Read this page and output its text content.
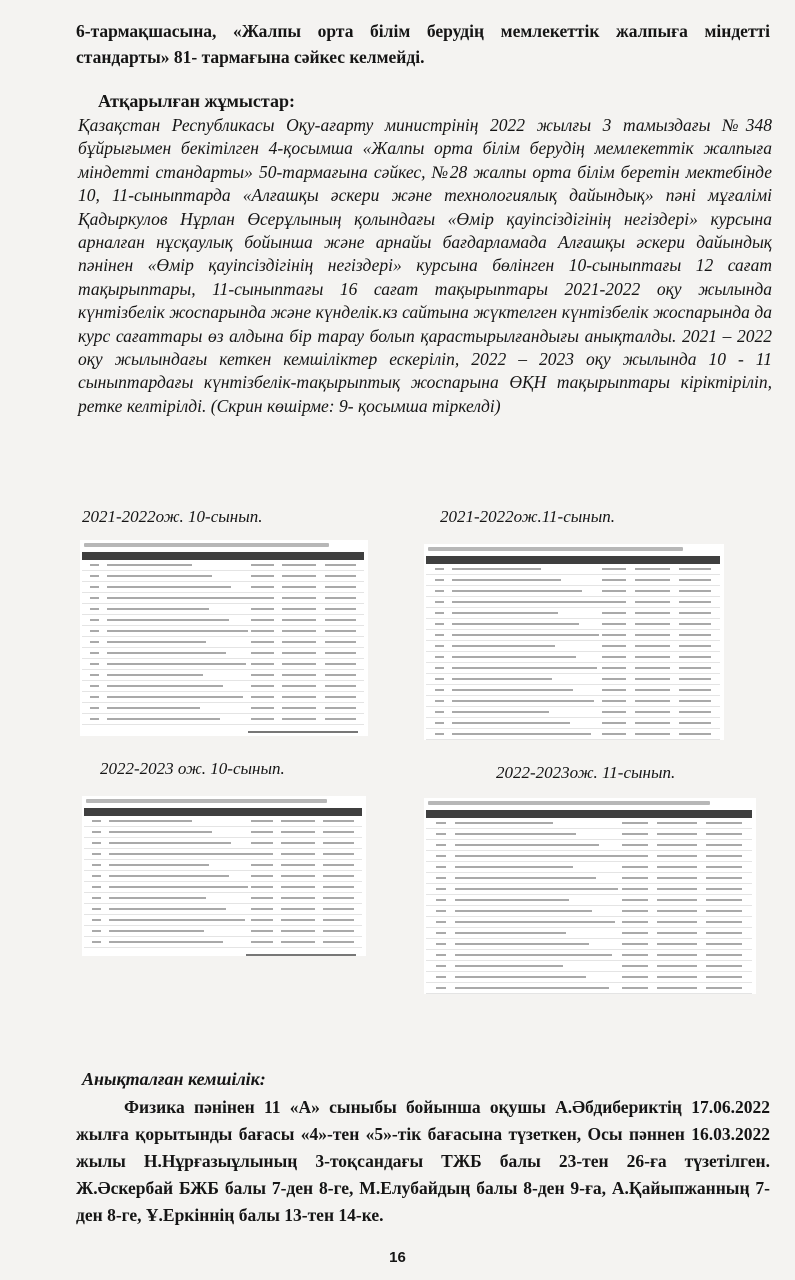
6-тармақшасына, «Жалпы орта білім берудің мемлекеттік жалпыға міндетті стандарты» 81- тармағына сәйкес келмейді.
Атқарылған жұмыстар:
Қазақстан Республикасы Оқу-ағарту министрінің 2022 жылғы 3 тамыздағы №348 бұйрығымен бекітілген 4-қосымша «Жалпы орта білім берудің мемлекеттік жалпыға міндетті стандарты» 50-тармағына сәйкес, №28 жалпы орта білім беретін мектебінде 10, 11-сыныптарда «Алғашқы әскери және технологиялық дайындық» пәні мұғалімі Қадыркулов Нұрлан Өсерұлының қолындағы «Өмір қауіпсіздігінің негіздері» курсына арналған нұсқаулық бойынша және арнайы бағдарламада Алғашқы әскери дайындық пәнінен «Өмір қауіпсіздігінің негіздері» курсына бөлінген 10-сыныптағы 12 сағат тақырыптары, 11-сыныптағы 16 сағат тақырыптары 2021-2022 оқу жылында күнтізбелік жоспарында және күнделік.кз сайтына жүктелген күнтізбелік жоспарында да курс сағаттары өз алдына бір тарау болып қарастырылғандығы анықталды. 2021 – 2022 оқу жылындағы кеткен кемшіліктер ескеріліп, 2022 – 2023 оқу жылында 10 - 11 сыныптардағы күнтізбелік-тақырыптық жоспарына ӨҚН тақырыптары кіріктіріліп, ретке келтірілді. (Скрин көшірме: 9- қосымша тіркелді)
2021-2022ож. 10-сынып.	2021-2022ож.11-сынып.
2022-2023 ож. 10-сынып.	2022-2023ож. 11-сынып.
Анықталған кемшілік:
Физика пәнінен 11 «А» сыныбы бойынша оқушы А.Әбдибериктің 17.06.2022 жылға қорытынды бағасы «4»-тен «5»-тік бағасына түзеткен, Осы пәннен 16.03.2022 жылы Н.Нұрғазыұлының 3-тоқсандағы ТЖБ балы 23-тен 26-ға түзетілген. Ж.Әскербай БЖБ балы 7-ден 8-ге, М.Елубайдың балы 8-ден 9-ға, А.Қайыпжанның 7-ден 8-ге, Ұ.Еркіннің балы 13-тен 14-ке.
16
